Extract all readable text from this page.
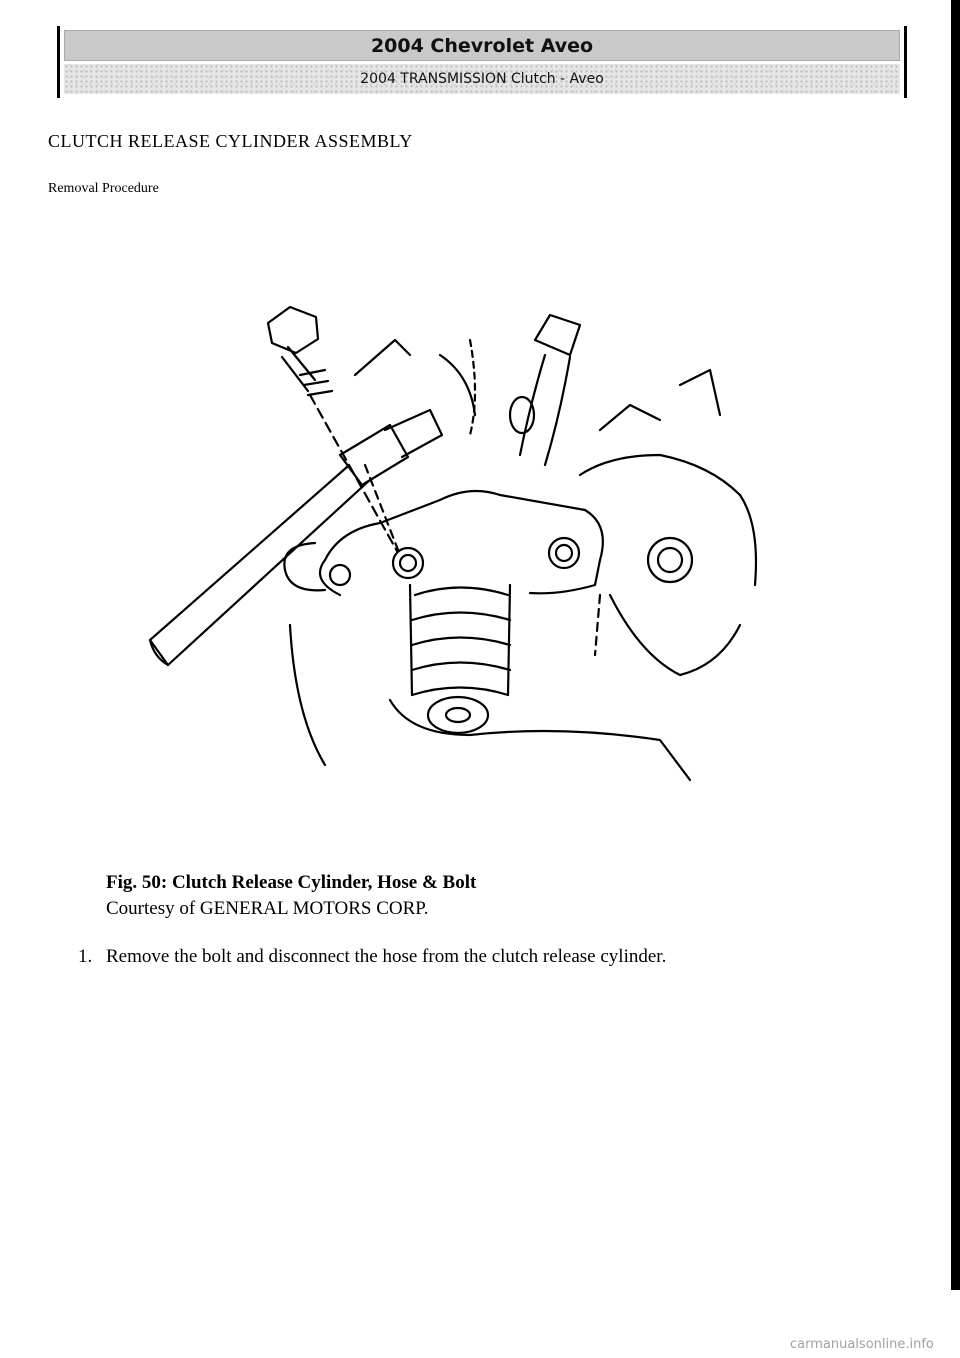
2004 Chevrolet Aveo
2004 TRANSMISSION Clutch - Aveo
CLUTCH RELEASE CYLINDER ASSEMBLY
Removal Procedure
Fig. 50: Clutch Release Cylinder, Hose & Bolt
Courtesy of GENERAL MOTORS CORP.
1. Remove the bolt and disconnect the hose from the clutch release cylinder.
carmanualsonline.info
